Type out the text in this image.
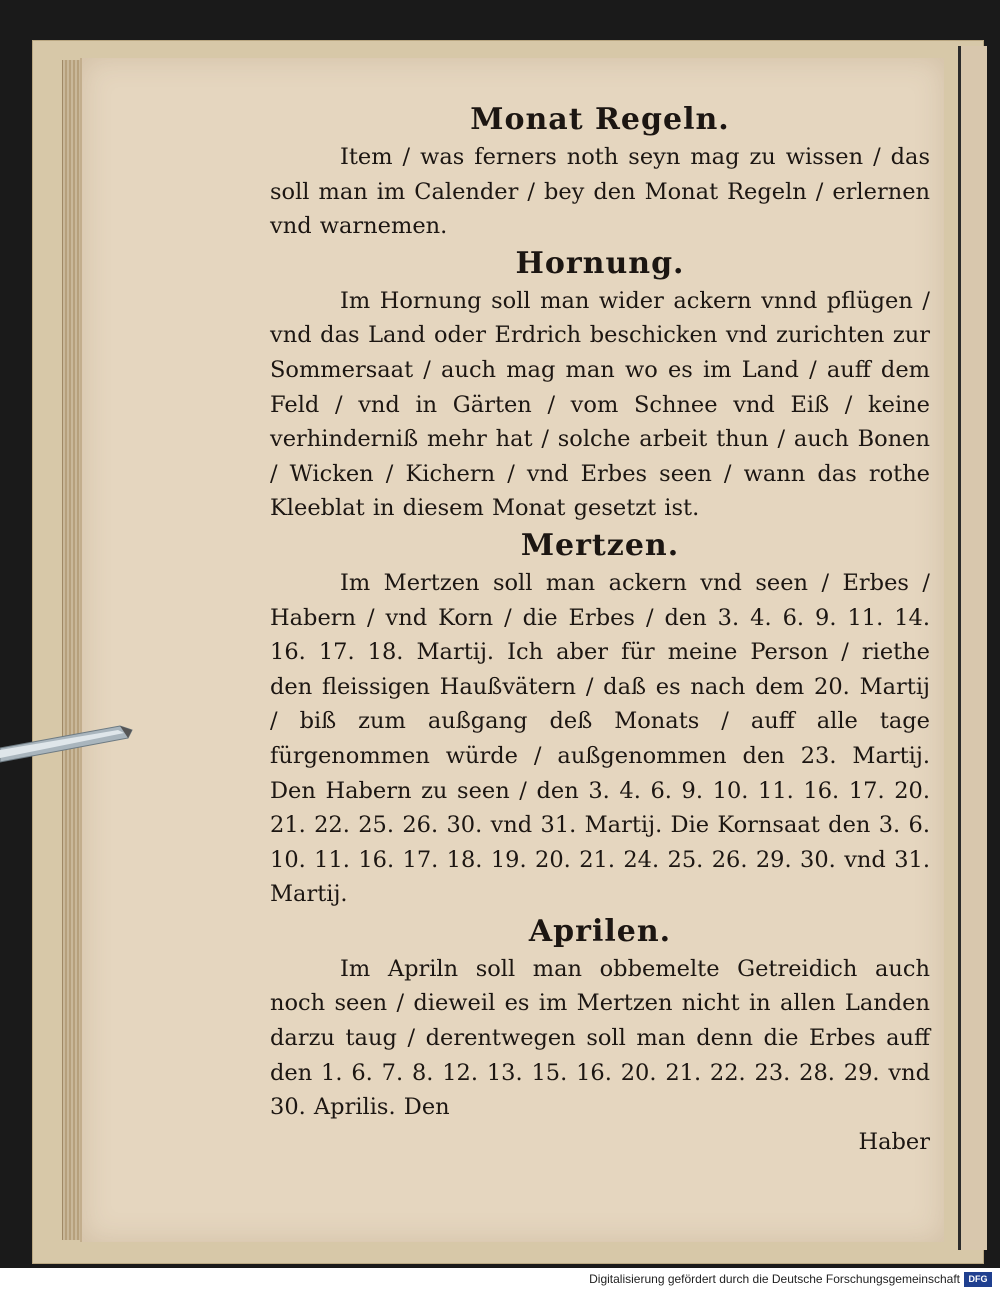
Monat Regeln.

Item / was ferners noth seyn mag zu wissen / das soll man im Calender / bey den Monat Regeln / erlernen vnd warnemen.

Hornung.

Im Hornung soll man wider ackern vnnd pflügen / vnd das Land oder Erdrich beschicken vnd zurichten zur Sommersaat / auch mag man wo es im Land / auff dem Feld / vnd in Gärten / vom Schnee vnd Eiß / keine verhinderniß mehr hat / solche arbeit thun / auch Bonen / Wicken / Kichern / vnd Erbes seen / wann das rothe Kleeblat in diesem Monat gesetzt ist.

Mertzen.

Im Mertzen soll man ackern vnd seen / Erbes / Habern / vnd Korn / die Erbes / den 3. 4. 6. 9. 11. 14. 16. 17. 18. Martij. Ich aber für meine Person / riethe den fleissigen Haußvätern / daß es nach dem 20. Martij / biß zum außgang deß Monats / auff alle tage fürgenommen würde / außgenommen den 23. Martij. Den Habern zu seen / den 3. 4. 6. 9. 10. 11. 16. 17. 20. 21. 22. 25. 26. 30. vnd 31. Martij. Die Kornsaat den 3. 6. 10. 11. 16. 17. 18. 19. 20. 21. 24. 25. 26. 29. 30. vnd 31. Martij.

Aprilen.

Im Apriln soll man obbemelte Getreidich auch noch seen / dieweil es im Mertzen nicht in allen Landen darzu taug / derentwegen soll man denn die Erbes auff den 1. 6. 7. 8. 12. 13. 15. 16. 20. 21. 22. 23. 28. 29. vnd 30. Aprilis. Den

Haber

Digitalisierung gefördert durch die Deutsche Forschungsgemeinschaft DFG
